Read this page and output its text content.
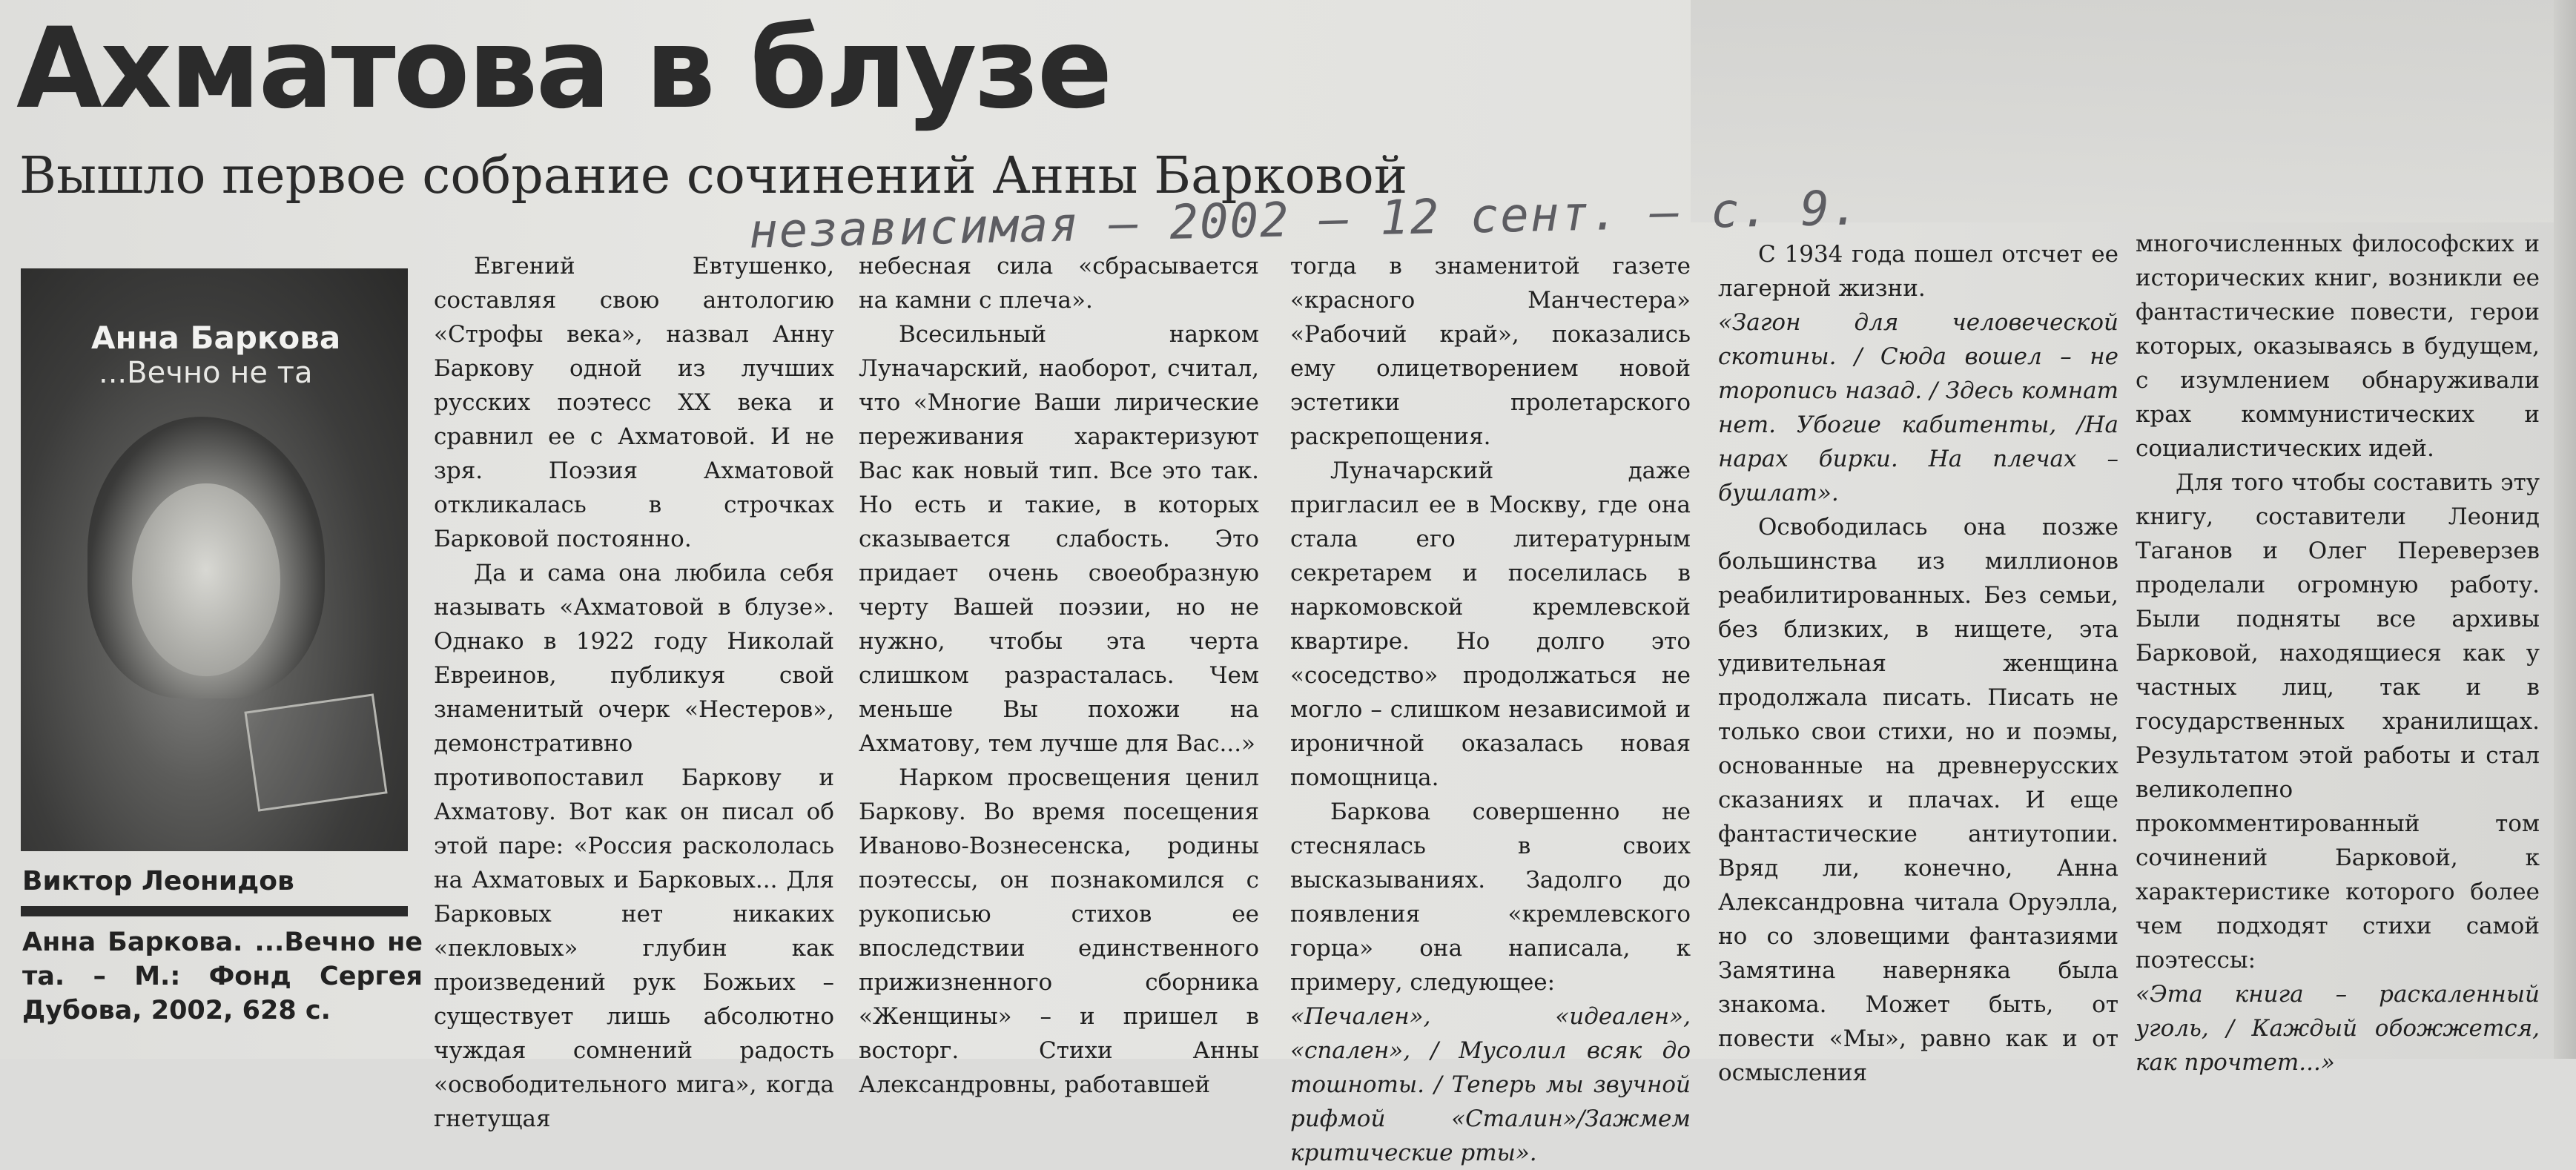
Ахматова в блузе
Вышло первое собрание сочинений Анны Барковой
независимая – 2002 – 12 сент. – с. 9.
Анна Баркова
...Вечно не та
Виктор Леонидов

Анна Баркова. ...Вечно не та. – М.: Фонд Сергея Дубова, 2002, 628 с.

Евгений Евтушенко, составляя свою антологию «Строфы века», назвал Анну Баркову одной из лучших русских поэтесс XX века и сравнил ее с Ахматовой. И не зря. Поэзия Ахматовой откликалась в строчках Барковой постоянно.

Да и сама она любила себя называть «Ахматовой в блузе». Однако в 1922 году Николай Евреинов, публикуя свой знаменитый очерк «Нестеров», демонстративно противопоставил Баркову и Ахматову. Вот как он писал об этой паре: «Россия раскололась на Ахматовых и Барковых... Для Барковых нет никаких «пекловых» глубин как произведений рук Божьих – существует лишь абсолютно чуждая сомнений радость «освободительного мига», когда гнетущая

небесная сила «сбрасывается на камни с плеча».

Всесильный нарком Луначарский, наоборот, считал, что «Многие Ваши лирические переживания характеризуют Вас как новый тип. Все это так. Но есть и такие, в которых сказывается слабость. Это придает очень своеобразную черту Вашей поэзии, но не нужно, чтобы эта черта слишком разрасталась. Чем меньше Вы похожи на Ахматову, тем лучше для Вас...»

Нарком просвещения ценил Баркову. Во время посещения Иваново-Вознесенска, родины поэтессы, он познакомился с рукописью стихов ее впоследствии единственного прижизненного сборника «Женщины» – и пришел в восторг. Стихи Анны Александровны, работавшей

тогда в знаменитой газете «красного Манчестера» «Рабочий край», показались ему олицетворением новой эстетики пролетарского раскрепощения.

Луначарский даже пригласил ее в Москву, где она стала его литературным секретарем и поселилась в наркомовской кремлевской квартире. Но долго это «соседство» продолжаться не могло – слишком независимой и ироничной оказалась новая помощница.

Баркова совершенно не стеснялась в своих высказываниях. Задолго до появления «кремлевского горца» она написала, к примеру, следующее:

«Печален», «идеален», «спален», / Мусолил всяк до тошноты. / Теперь мы звучной рифмой «Сталин»/Зажмем критические рты».

С 1934 года пошел отсчет ее лагерной жизни.

«Загон для человеческой скотины. / Сюда вошел – не торопись назад. / Здесь комнат нет. Убогие кабитенты, /На нарах бирки. На плечах – бушлат».

Освободилась она позже большинства из миллионов реабилитированных. Без семьи, без близких, в нищете, эта удивительная женщина продолжала писать. Писать не только свои стихи, но и поэмы, основанные на древнерусских сказаниях и плачах. И еще фантастические антиутопии. Вряд ли, конечно, Анна Александровна читала Оруэлла, но со зловещими фантазиями Замятина наверняка была знакома. Может быть, от повести «Мы», равно как и от осмысления

многочисленных философских и исторических книг, возникли ее фантастические повести, герои которых, оказываясь в будущем, с изумлением обнаруживали крах коммунистических и социалистических идей.

Для того чтобы составить эту книгу, составители Леонид Таганов и Олег Переверзев проделали огромную работу. Были подняты все архивы Барковой, находящиеся как у частных лиц, так и в государственных хранилищах. Результатом этой работы и стал великолепно прокомментированный том сочинений Барковой, к характеристике которого более чем подходят стихи самой поэтессы:

«Эта книга – раскаленный уголь, / Каждый обожжется, как прочтет...»
